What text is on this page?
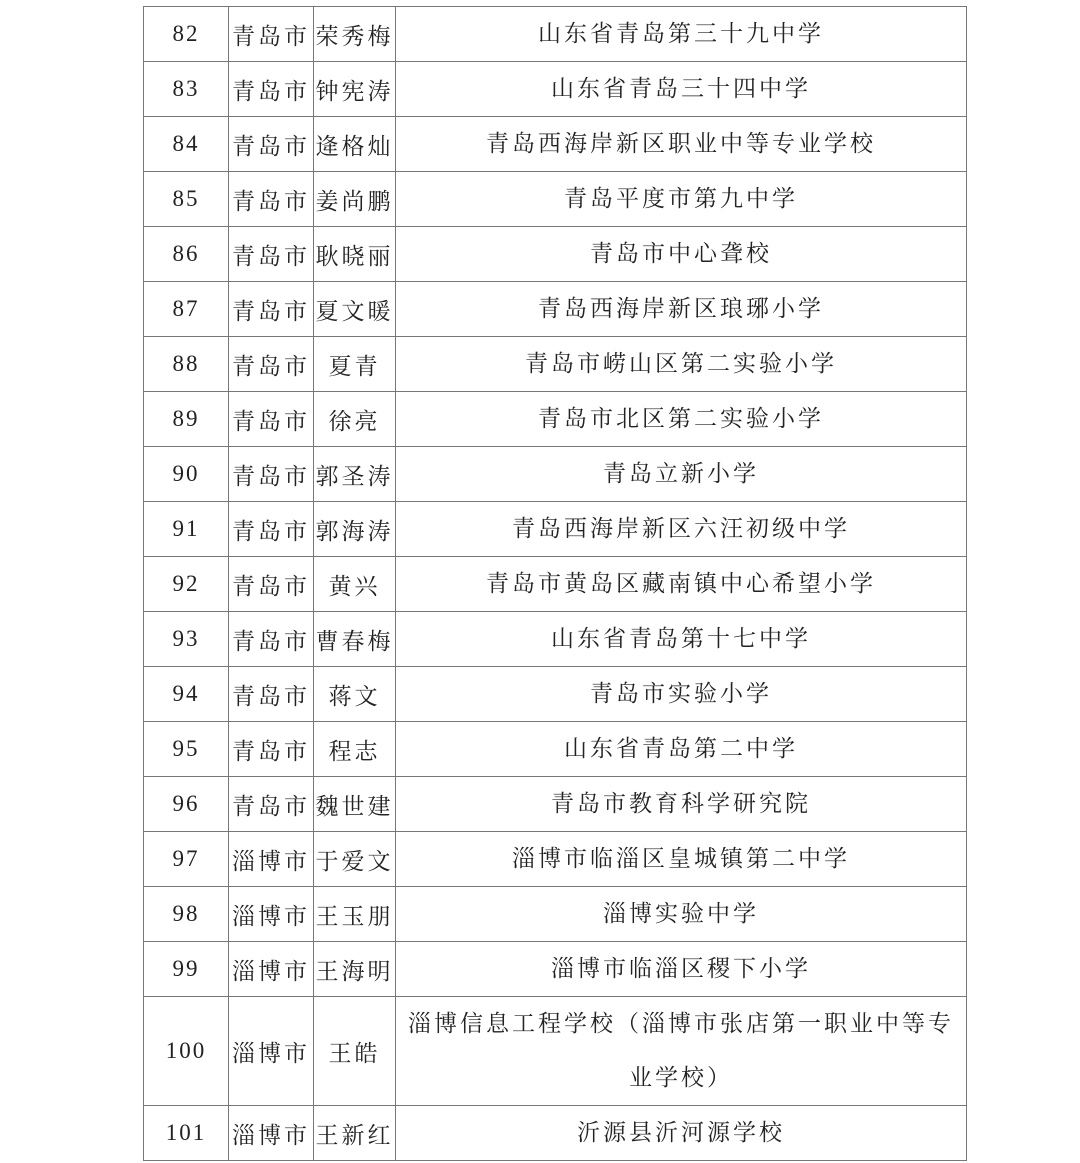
82	青岛市	荣秀梅	山东省青岛第三十九中学
83	青岛市	钟宪涛	山东省青岛三十四中学
84	青岛市	逄格灿	青岛西海岸新区职业中等专业学校
85	青岛市	姜尚鹏	青岛平度市第九中学
86	青岛市	耿晓丽	青岛市中心聋校
87	青岛市	夏文暖	青岛西海岸新区琅琊小学
88	青岛市	夏青	青岛市崂山区第二实验小学
89	青岛市	徐亮	青岛市北区第二实验小学
90	青岛市	郭圣涛	青岛立新小学
91	青岛市	郭海涛	青岛西海岸新区六汪初级中学
92	青岛市	黄兴	青岛市黄岛区藏南镇中心希望小学
93	青岛市	曹春梅	山东省青岛第十七中学
94	青岛市	蒋文	青岛市实验小学
95	青岛市	程志	山东省青岛第二中学
96	青岛市	魏世建	青岛市教育科学研究院
97	淄博市	于爱文	淄博市临淄区皇城镇第二中学
98	淄博市	王玉朋	淄博实验中学
99	淄博市	王海明	淄博市临淄区稷下小学
100	淄博市	王皓	淄博信息工程学校（淄博市张店第一职业中等专业学校）
101	淄博市	王新红	沂源县沂河源学校
